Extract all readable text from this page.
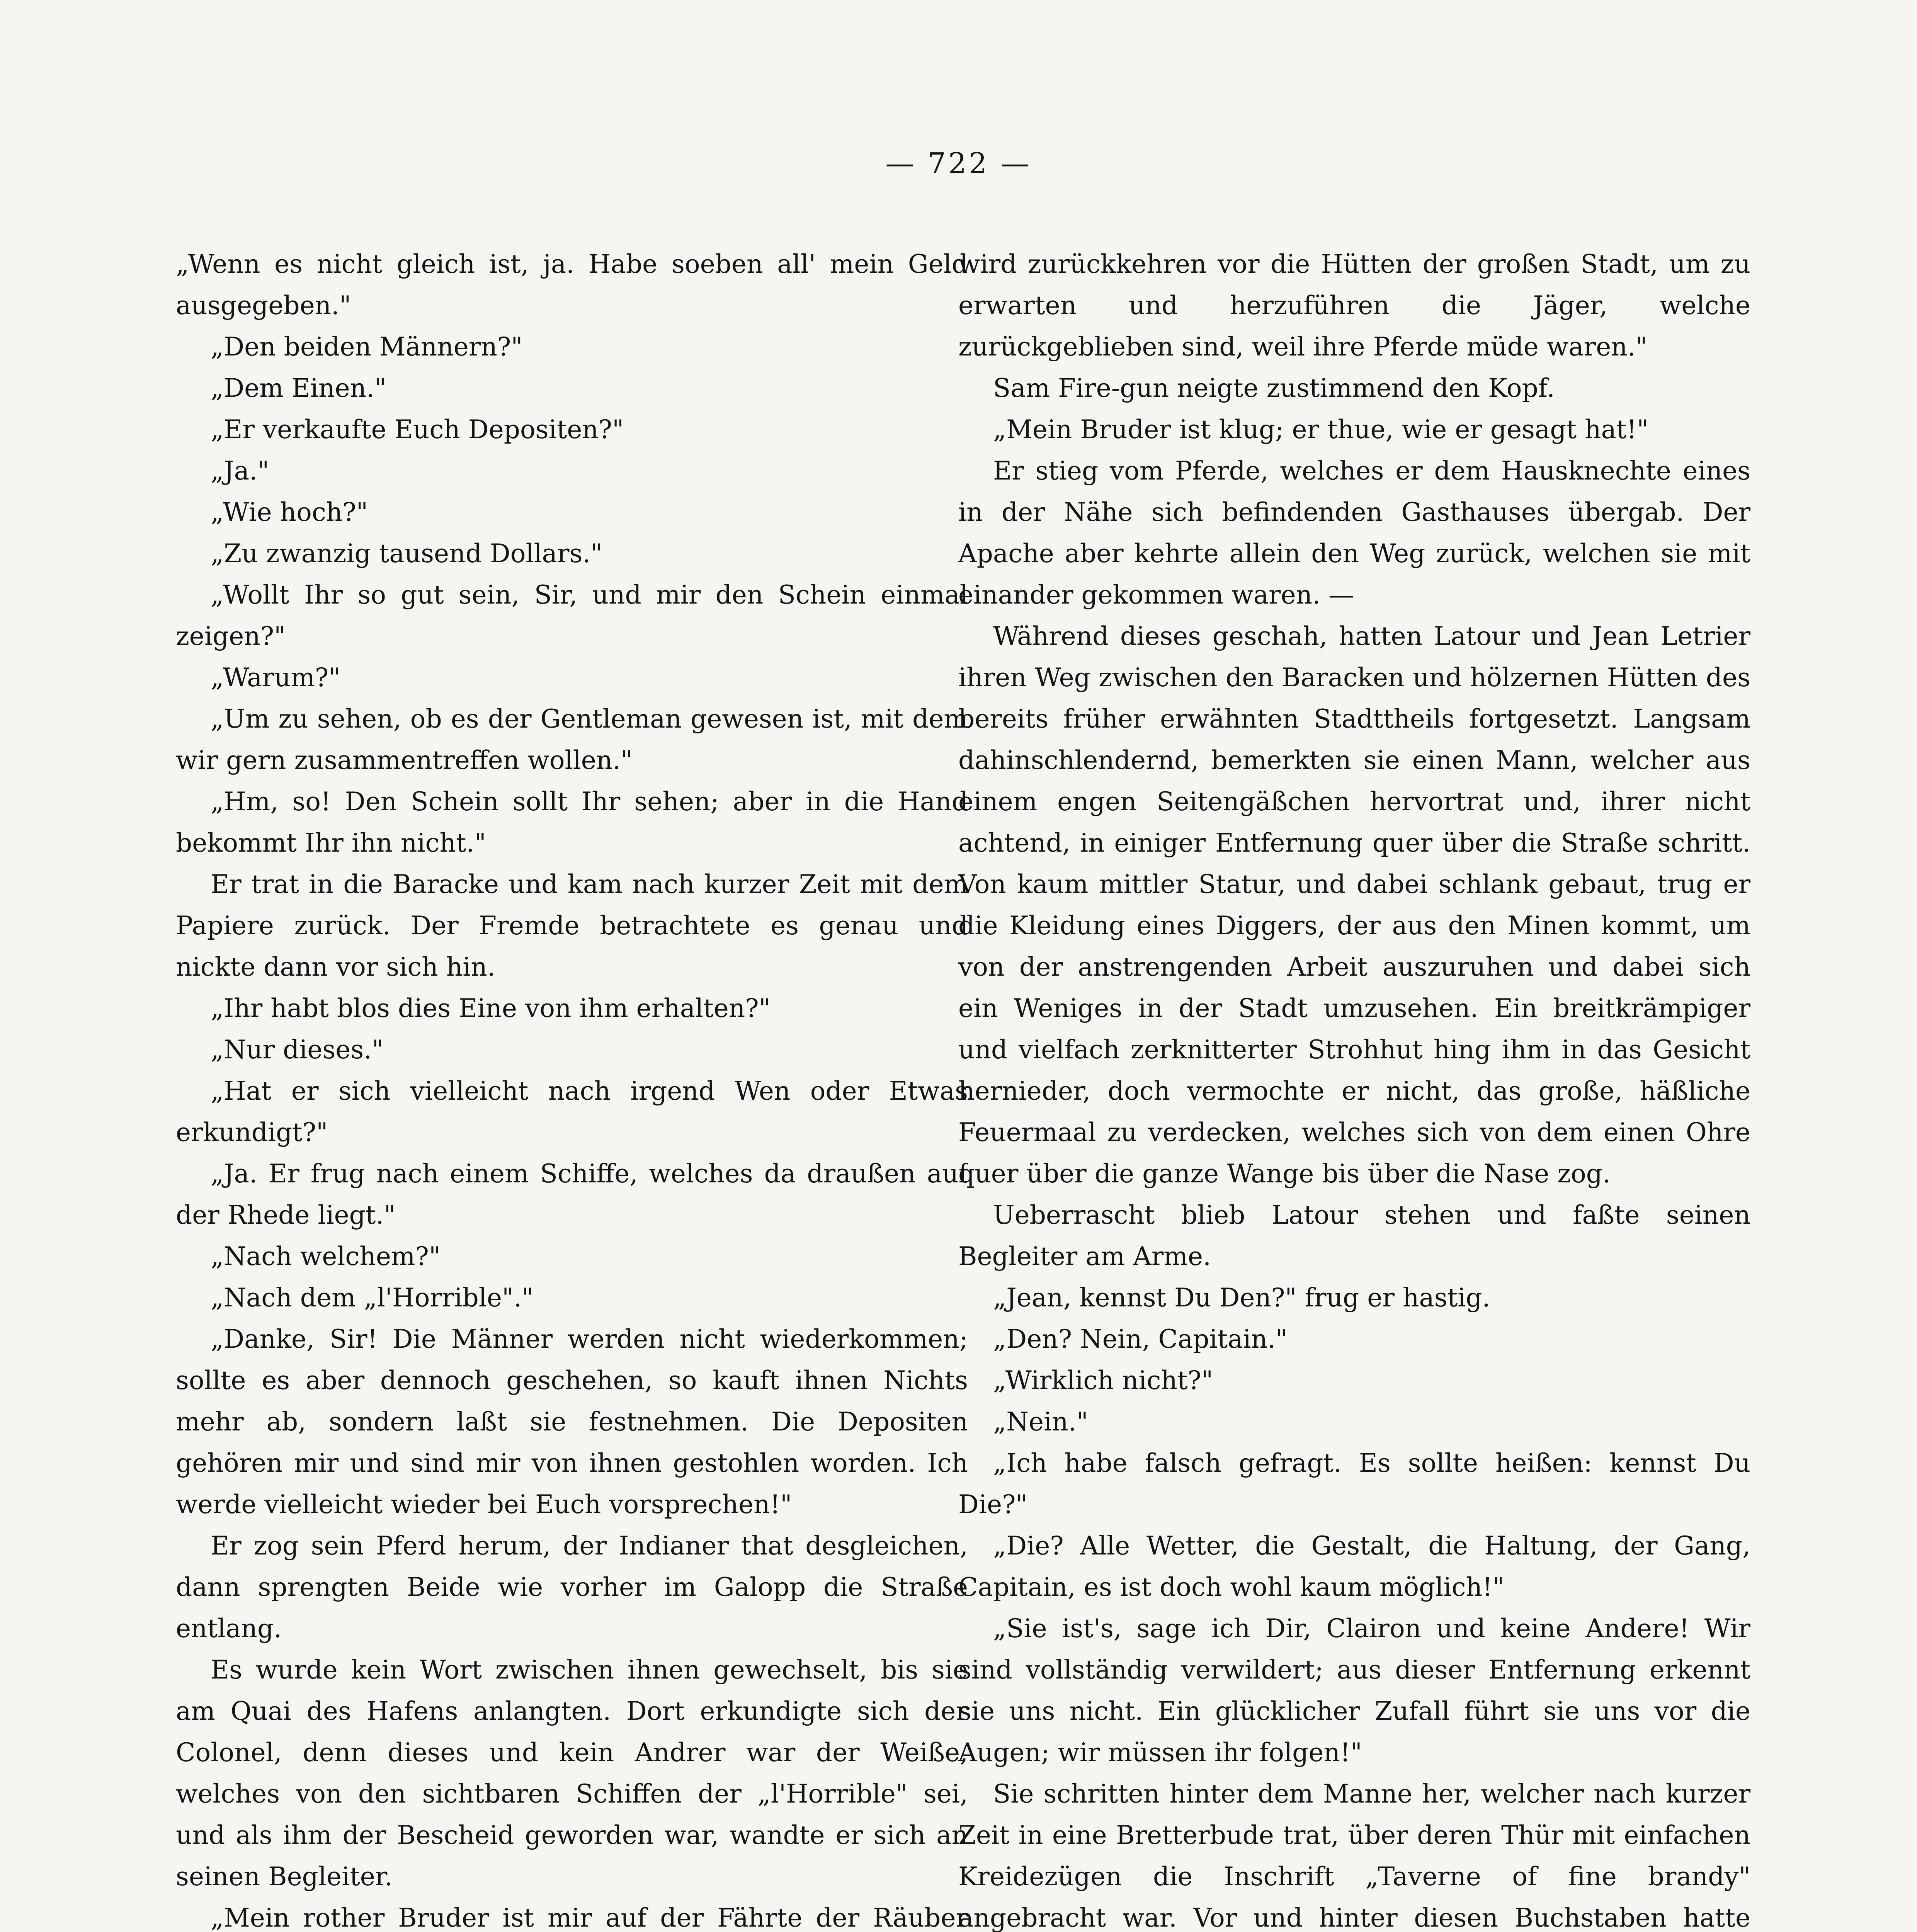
— 722 —

„Wenn es nicht gleich ist, ja. Habe soeben all' mein Geld ausgegeben."

„Den beiden Männern?"

„Dem Einen."

„Er verkaufte Euch Depositen?"

„Ja."

„Wie hoch?"

„Zu zwanzig tausend Dollars."

„Wollt Ihr so gut sein, Sir, und mir den Schein einmal zeigen?"

„Warum?"

„Um zu sehen, ob es der Gentleman gewesen ist, mit dem wir gern zusammentreffen wollen."

„Hm, so! Den Schein sollt Ihr sehen; aber in die Hand bekommt Ihr ihn nicht."

Er trat in die Baracke und kam nach kurzer Zeit mit dem Papiere zurück. Der Fremde betrachtete es genau und nickte dann vor sich hin.

„Ihr habt blos dies Eine von ihm erhalten?"

„Nur dieses."

„Hat er sich vielleicht nach irgend Wen oder Etwas erkundigt?"

„Ja. Er frug nach einem Schiffe, welches da draußen auf der Rhede liegt."

„Nach welchem?"

„Nach dem „l'Horrible"."

„Danke, Sir! Die Männer werden nicht wiederkommen; sollte es aber dennoch geschehen, so kauft ihnen Nichts mehr ab, sondern laßt sie festnehmen. Die Depositen gehören mir und sind mir von ihnen gestohlen worden. Ich werde vielleicht wieder bei Euch vorsprechen!"

Er zog sein Pferd herum, der Indianer that desgleichen, dann sprengten Beide wie vorher im Galopp die Straße entlang.

Es wurde kein Wort zwischen ihnen gewechselt, bis sie am Quai des Hafens anlangten. Dort erkundigte sich der Colonel, denn dieses und kein Andrer war der Weiße, welches von den sichtbaren Schiffen der „l'Horrible" sei, und als ihm der Bescheid geworden war, wandte er sich an seinen Begleiter.

„Mein rother Bruder ist mir auf der Fährte der Räuber

wird zurückkehren vor die Hütten der großen Stadt, um zu erwarten und herzuführen die Jäger, welche zurückgeblieben sind, weil ihre Pferde müde waren."

Sam Fire-gun neigte zustimmend den Kopf.

„Mein Bruder ist klug; er thue, wie er gesagt hat!"

Er stieg vom Pferde, welches er dem Hausknechte eines in der Nähe sich befindenden Gasthauses übergab. Der Apache aber kehrte allein den Weg zurück, welchen sie mit einander gekommen waren. —

Während dieses geschah, hatten Latour und Jean Letrier ihren Weg zwischen den Baracken und hölzernen Hütten des bereits früher erwähnten Stadttheils fortgesetzt. Langsam dahinschlendernd, bemerkten sie einen Mann, welcher aus einem engen Seitengäßchen hervortrat und, ihrer nicht achtend, in einiger Entfernung quer über die Straße schritt. Von kaum mittler Statur, und dabei schlank gebaut, trug er die Kleidung eines Diggers, der aus den Minen kommt, um von der anstrengenden Arbeit auszuruhen und dabei sich ein Weniges in der Stadt umzusehen. Ein breitkrämpiger und vielfach zerknitterter Strohhut hing ihm in das Gesicht hernieder, doch vermochte er nicht, das große, häßliche Feuermaal zu verdecken, welches sich von dem einen Ohre quer über die ganze Wange bis über die Nase zog.

Ueberrascht blieb Latour stehen und faßte seinen Begleiter am Arme.

„Jean, kennst Du Den?" frug er hastig.

„Den? Nein, Capitain."

„Wirklich nicht?"

„Nein."

„Ich habe falsch gefragt. Es sollte heißen: kennst Du Die?"

„Die? Alle Wetter, die Gestalt, die Haltung, der Gang, Capitain, es ist doch wohl kaum möglich!"

„Sie ist's, sage ich Dir, Clairon und keine Andere! Wir sind vollständig verwildert; aus dieser Entfernung erkennt sie uns nicht. Ein glücklicher Zufall führt sie uns vor die Augen; wir müssen ihr folgen!"

Sie schritten hinter dem Manne her, welcher nach kurzer Zeit in eine Bretterbude trat, über deren Thür mit einfachen Kreidezügen die Inschrift „Taverne of fine brandy" angebracht war. Vor und hinter diesen Buchstaben hatte
